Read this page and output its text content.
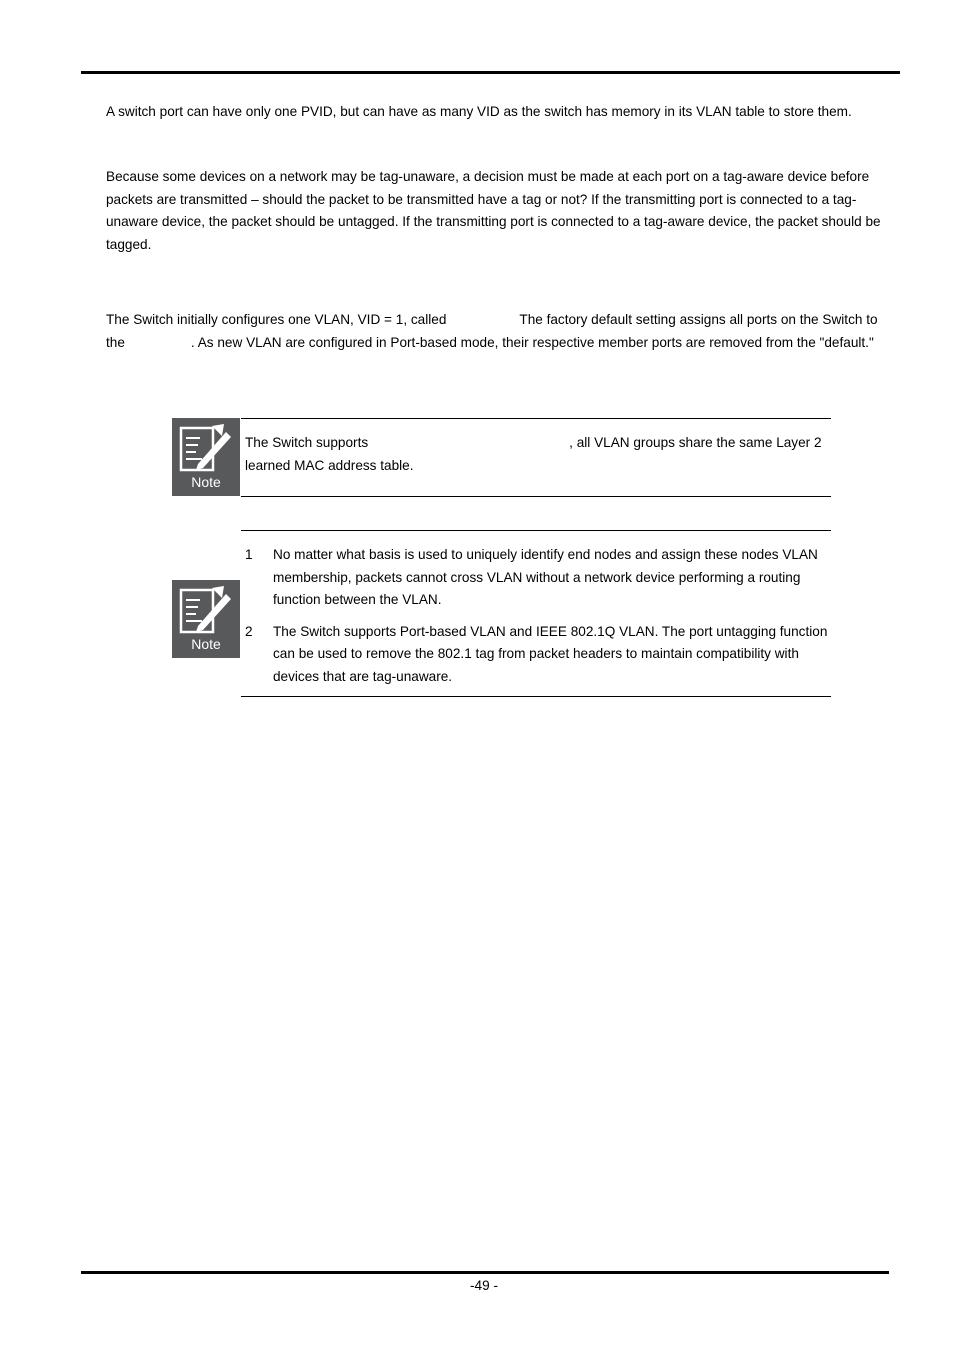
A switch port can have only one PVID, but can have as many VID as the switch has memory in its VLAN table to store them.

Because some devices on a network may be tag-unaware, a decision must be made at each port on a tag-aware device before packets are transmitted – should the packet to be transmitted have a tag or not? If the transmitting port is connected to a tag-unaware device, the packet should be untagged. If the transmitting port is connected to a tag-aware device, the packet should be tagged.

The Switch initially configures one VLAN, VID = 1, called	The factory default setting assigns all ports on the Switch to the	. As new VLAN are configured in Port-based mode, their respective member ports are removed from the "default."

Note

The Switch supports	, all VLAN groups share the same Layer 2 learned MAC address table.

Note
1 No matter what basis is used to uniquely identify end nodes and assign these nodes VLAN membership, packets cannot cross VLAN without a network device performing a routing function between the VLAN.
2 The Switch supports Port-based VLAN and IEEE 802.1Q VLAN. The port untagging function can be used to remove the 802.1 tag from packet headers to maintain compatibility with devices that are tag-unaware.
-49 -
